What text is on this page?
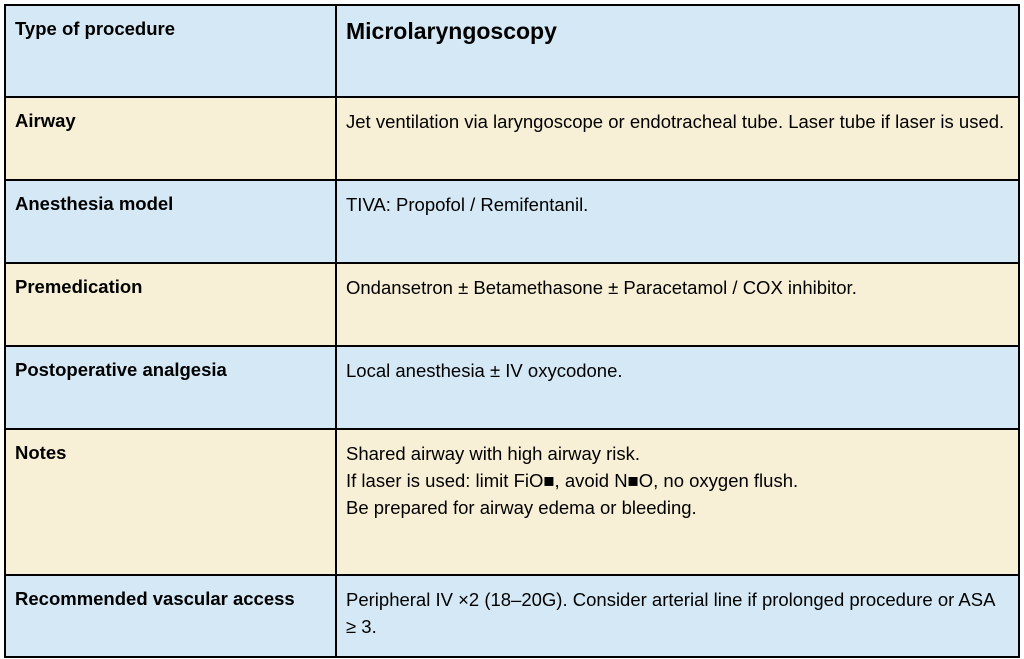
Type of procedure	Microlaryngoscopy

Airway	Jet ventilation via laryngoscope or endotracheal tube. Laser tube if laser is used.

Anesthesia model	TIVA: Propofol / Remifentanil.

Premedication	Ondansetron ± Betamethasone ± Paracetamol / COX inhibitor.

Postoperative analgesia	Local anesthesia ± IV oxycodone.

Notes	Shared airway with high airway risk.
If laser is used: limit FiO■, avoid N■O, no oxygen flush.
Be prepared for airway edema or bleeding.

Recommended vascular access	Peripheral IV ×2 (18–20G). Consider arterial line if prolonged procedure or ASA ≥ 3.
